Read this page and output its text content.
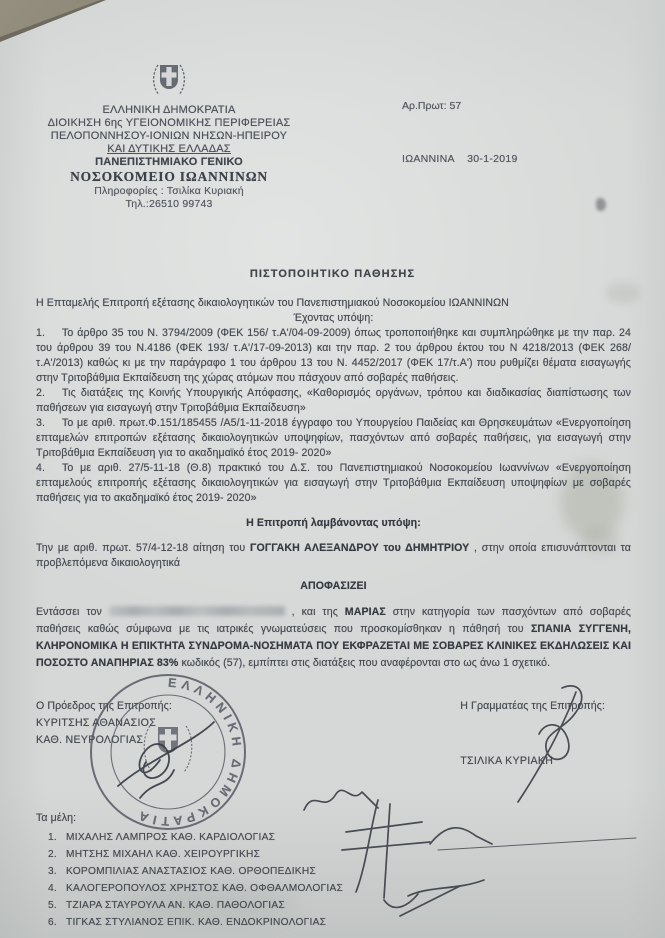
ΕΛΛΗΝΙΚΗ ΔΗΜΟΚΡΑΤΙΑ
ΔΙΟΙΚΗΣΗ 6ης ΥΓΕΙΟΝΟΜΙΚΗΣ ΠΕΡΙΦΕΡΕΙΑΣ
ΠΕΛΟΠΟΝΝΗΣΟΥ-ΙΟΝΙΩΝ ΝΗΣΩΝ-ΗΠΕΙΡΟΥ
ΚΑΙ ΔΥΤΙΚΗΣ ΕΛΛΑΔΑΣ
ΠΑΝΕΠΙΣΤΗΜΙΑΚΟ ΓΕΝΙΚΟ
ΝΟΣΟΚΟΜΕΙΟ ΙΩΑΝΝΙΝΩΝ
Πληροφορίες : Τσιλίκα Κυριακή
Τηλ.:26510 99743

Αρ.Πρωτ: 57

ΙΩΑΝΝΙΝΑ    30-1-2019

ΠΙΣΤΟΠΟΙΗΤΙΚΟ ΠΑΘΗΣΗΣ

Η Επταμελής Επιτροπή εξέτασης δικαιολογητικών του Πανεπιστημιακού Νοσοκομείου ΙΩΑΝΝΙΝΩΝ

Έχοντας υπόψη:

1. Το άρθρο 35 του Ν. 3794/2009 (ΦΕΚ 156/ τ.Α'/04-09-2009) όπως τροποποιήθηκε και συμπληρώθηκε με την παρ. 24 του άρθρου 39 του Ν.4186 (ΦΕΚ 193/ τ.Α'/17-09-2013) και την παρ. 2 του άρθρου έκτου του Ν 4218/2013 (ΦΕΚ 268/τ.Α'/2013) καθώς κι με την παράγραφο 1 του άρθρου 13 του Ν. 4452/2017 (ΦΕΚ 17/τ.Α') που ρυθμίζει θέματα εισαγωγής στην Τριτοβάθμια Εκπαίδευση της χώρας ατόμων που πάσχουν από σοβαρές παθήσεις.

2. Τις διατάξεις της Κοινής Υπουργικής Απόφασης, «Καθορισμός οργάνων, τρόπου και διαδικασίας διαπίστωσης των παθήσεων για εισαγωγή στην Τριτοβάθμια Εκπαίδευση»

3. Το με αριθ. πρωτ.Φ.151/185455 /Α5/1-11-2018 έγγραφο του Υπουργείου Παιδείας και Θρησκευμάτων «Ενεργοποίηση επταμελών επιτροπών εξέτασης δικαιολογητικών υποψηφίων, πασχόντων από σοβαρές παθήσεις, για εισαγωγή στην Τριτοβάθμια Εκπαίδευση για το ακαδημαϊκό έτος 2019- 2020»

4. Το με αριθ. 27/5-11-18 (Θ.8) πρακτικό του Δ.Σ. του Πανεπιστημιακού Νοσοκομείου Ιωαννίνων «Ενεργοποίηση επταμελούς επιτροπής εξέτασης δικαιολογητικών για εισαγωγή στην Τριτοβάθμια Εκπαίδευση υποψηφίων με σοβαρές παθήσεις για το ακαδημαϊκό έτος 2019- 2020»

Η Επιτροπή λαμβάνοντας υπόψη:

Την με αριθ. πρωτ. 57/4-12-18 αίτηση του ΓΟΓΓΑΚΗ ΑΛΕΞΑΝΔΡΟΥ του ΔΗΜΗΤΡΙΟΥ , στην οποία επισυνάπτονται τα προβλεπόμενα δικαιολογητικά

ΑΠΟΦΑΣΙΖΕΙ

Εντάσσει τον	, και της ΜΑΡΙΑΣ στην κατηγορία των πασχόντων από σοβαρές παθήσεις καθώς σύμφωνα με τις ιατρικές γνωματεύσεις που προσκομίσθηκαν η πάθησή του ΣΠΑΝΙΑ ΣΥΓΓΕΝΗ, ΚΛΗΡΟΝΟΜΙΚΑ Η ΕΠΙΚΤΗΤΑ ΣΥΝΔΡΟΜΑ-ΝΟΣΗΜΑΤΑ ΠΟΥ ΕΚΦΡΑΖΕΤΑΙ ΜΕ ΣΟΒΑΡΕΣ ΚΛΙΝΙΚΕΣ ΕΚΔΗΛΩΣΕΙΣ ΚΑΙ ΠΟΣΟΣΤΟ ΑΝΑΠΗΡΙΑΣ 83% κωδικός (57), εμπίπτει στις διατάξεις που αναφέρονται στο ως άνω 1 σχετικό.

Ο Πρόεδρος της Επιτροπής:
ΚΥΡΙΤΣΗΣ ΑΘΑΝΑΣΙΟΣ
ΚΑΘ. ΝΕΥΡΟΛΟΓΙΑΣ
Η Γραμματέας της Επιτροπής:
ΤΣΙΛΙΚΑ ΚΥΡΙΑΚΗ
Τα μέλη:
1. ΜΙΧΑΛΗΣ ΛΑΜΠΡΟΣ ΚΑΘ. ΚΑΡΔΙΟΛΟΓΙΑΣ
2. ΜΗΤΣΗΣ ΜΙΧΑΗΛ ΚΑΘ. ΧΕΙΡΟΥΡΓΙΚΗΣ
3. ΚΟΡΟΜΠΙΛΙΑΣ ΑΝΑΣΤΑΣΙΟΣ ΚΑΘ. ΟΡΘΟΠΕΔΙΚΗΣ
4. ΚΑΛΟΓΕΡΟΠΟΥΛΟΣ ΧΡΗΣΤΟΣ ΚΑΘ. ΟΦΘΑΛΜΟΛΟΓΙΑΣ
5. ΤΖΙΑΡΑ ΣΤΑΥΡΟΥΛΑ ΑΝ. ΚΑΘ. ΠΑΘΟΛΟΓΙΑΣ
6. ΤΙΓΚΑΣ ΣΤΥΛΙΑΝΟΣ ΕΠΙΚ. ΚΑΘ. ΕΝΔΟΚΡΙΝΟΛΟΓΙΑΣ
ΕΛΛΗΝΙΚΗ ΔΗΜΟΚΡΑΤΙΑ
